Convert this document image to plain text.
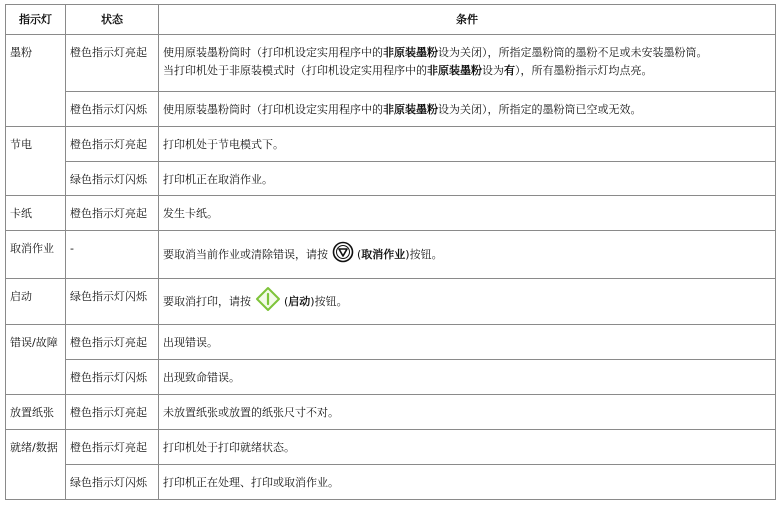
指示灯	状态	条件
墨粉	橙色指示灯亮起	使用原装墨粉筒时（打印机设定实用程序中的非原装墨粉设为关闭），所指定墨粉筒的墨粉不足或未安装墨粉筒。
当打印机处于非原装模式时（打印机设定实用程序中的非原装墨粉设为有），所有墨粉指示灯均点亮。

	橙色指示灯闪烁	使用原装墨粉筒时（打印机设定实用程序中的非原装墨粉设为关闭），所指定的墨粉筒已空或无效。

节电	橙色指示灯亮起	打印机处于节电模式下。
	绿色指示灯闪烁	打印机正在取消作业。
卡纸	橙色指示灯亮起	发生卡纸。
取消作业	-	要取消当前作业或清除错误，请按 (取消作业)按钮。
启动	绿色指示灯闪烁	要取消打印，请按 (启动)按钮。
错误/故障	橙色指示灯亮起	出现错误。
	橙色指示灯闪烁	出现致命错误。
放置纸张	橙色指示灯亮起	未放置纸张或放置的纸张尺寸不对。
就绪/数据	橙色指示灯亮起	打印机处于打印就绪状态。
	绿色指示灯闪烁	打印机正在处理、打印或取消作业。
